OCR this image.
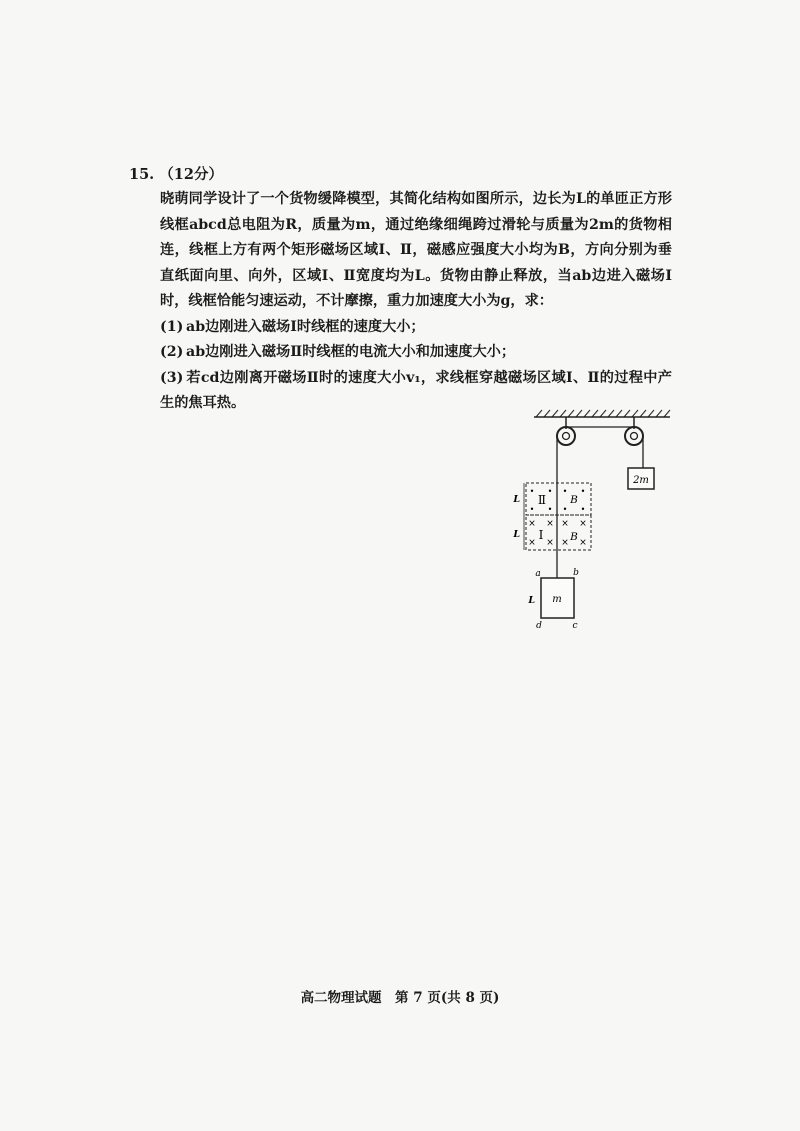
15. （12分）

晓萌同学设计了一个货物缓降模型，其简化结构如图所示，边长为L的单匝正方形线框abcd总电阻为R，质量为m，通过绝缘细绳跨过滑轮与质量为2m的货物相连，线框上方有两个矩形磁场区域Ⅰ、Ⅱ，磁感应强度大小均为B，方向分别为垂直纸面向里、向外，区域Ⅰ、Ⅱ宽度均为L。货物由静止释放，当ab边进入磁场Ⅰ时，线框恰能匀速运动，不计摩擦，重力加速度大小为g，求：

(1) ab边刚进入磁场Ⅰ时线框的速度大小；
(2) ab边刚进入磁场Ⅱ时线框的电流大小和加速度大小；
(3) 若cd边刚离开磁场Ⅱ时的速度大小v₁，求线框穿越磁场区域Ⅰ、Ⅱ的过程中产生的焦耳热。
2m
L
L
Ⅱ
Ⅰ
B
B
• • • •
• • • •
× × × ×
× × × ×
m
L
a	b
d	c
高二物理试题　第 7 页(共 8 页)
